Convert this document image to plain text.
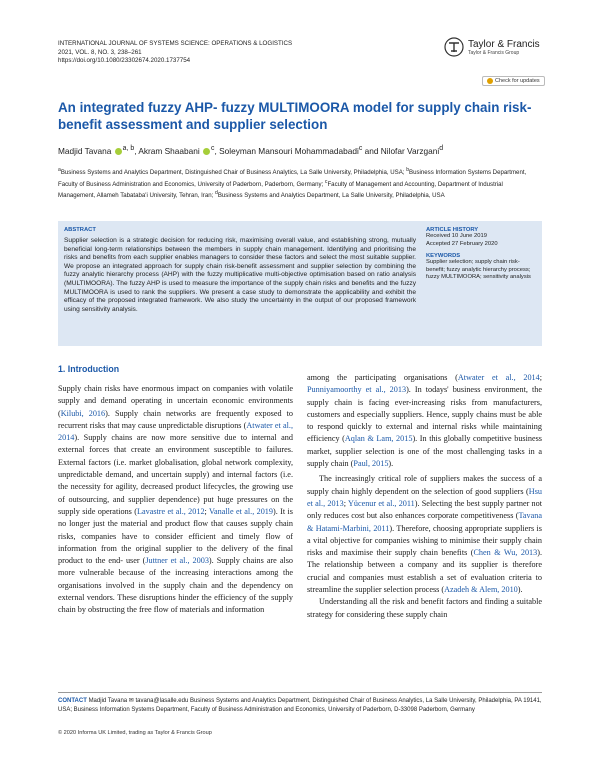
INTERNATIONAL JOURNAL OF SYSTEMS SCIENCE: OPERATIONS & LOGISTICS
2021, VOL. 8, NO. 3, 238–261
https://doi.org/10.1080/23302674.2020.1737754
Taylor & Francis
Taylor & Francis Group
Check for updates
An integrated fuzzy AHP- fuzzy MULTIMOORA model for supply chain risk-benefit assessment and supplier selection
Madjid Tavana $^{a, b}$, Akram Shaabani $^c$, Soleyman Mansouri Mohammadabadi$^c$ and Nilofar Varzgani$^d$
$^a$Business Systems and Analytics Department, Distinguished Chair of Business Analytics, La Salle University, Philadelphia, USA; $^b$Business Information Systems Department, Faculty of Business Administration and Economics, University of Paderborn, Paderborn, Germany; $^c$Faculty of Management and Accounting, Department of Industrial Management, Allameh Tabataba'i University, Tehran, Iran; $^d$Business Systems and Analytics Department, La Salle University, Philadelphia, USA
ABSTRACT
Supplier selection is a strategic decision for reducing risk, maximising overall value, and establishing strong, mutually beneficial long-term relationships between the members in supply chain management. Identifying and prioritising the risks and benefits from each supplier enables managers to consider these factors and select the most suitable supplier. We propose an integrated approach for supply chain risk-benefit assessment and supplier selection by combining the fuzzy analytic hierarchy process (AHP) with the fuzzy multiplicative multi-objective optimisation based on ratio analysis (MULTIMOORA). The fuzzy AHP is used to measure the importance of the supply chain risks and benefits and the fuzzy MULTIMOORA is used to rank the suppliers. We present a case study to demonstrate the applicability and exhibit the efficacy of the proposed integrated framework. We also study the uncertainty in the output of our proposed framework using sensitivity analysis.
ARTICLE HISTORY
Received 10 June 2019
Accepted 27 February 2020
KEYWORDS
Supplier selection; supply chain risk-benefit; fuzzy analytic hierarchy process; fuzzy MULTIMOORA; sensitivity analysis
1. Introduction

Supply chain risks have enormous impact on companies with volatile supply and demand operating in uncertain economic environments (Kilubi, 2016). Supply chain networks are frequently exposed to recurrent risks that may cause unpredictable disruptions (Atwater et al., 2014). Supply chains are now more sensitive due to internal and external forces that create an environment susceptible to failures. External factors (i.e. market globalisation, global network complexity, unpredictable demand, and uncertain supply) and internal factors (i.e. the necessity for agility, decreased product lifecycles, the growing use of outsourcing, and supplier dependence) put huge pressures on the supply side operations (Lavastre et al., 2012; Vanalle et al., 2019). It is no longer just the material and product flow that causes supply chain risks, companies have to consider efficient and timely flow of information from the original supplier to the delivery of the final product to the end- user (Juttner et al., 2003). Supply chains are also more vulnerable because of the increasing interactions among the organisations involved in the supply chain and the dependency on external vendors. These disruptions hinder the efficiency of the supply chain by obstructing the free flow of materials and information

among the participating organisations (Atwater et al., 2014; Punniyamoorthy et al., 2013). In todays' business environment, the supply chain is facing ever-increasing risks from manufacturers, customers and especially suppliers. Hence, supply chains must be able to respond quickly to external and internal risks while maintaining efficiency (Aqlan & Lam, 2015). In this globally competitive business market, supplier selection is one of the most challenging tasks in a supply chain (Paul, 2015).

The increasingly critical role of suppliers makes the success of a supply chain highly dependent on the selection of good suppliers (Hsu et al., 2013; Yücenur et al., 2011). Selecting the best supply partner not only reduces cost but also enhances corporate competitiveness (Tavana & Hatami-Marbini, 2011). Therefore, choosing appropriate suppliers is a vital objective for companies wishing to minimise their supply chain risks and maximise their supply chain benefits (Chen & Wu, 2013). The relationship between a company and its supplier is therefore crucial and companies must establish a set of evaluation criteria to streamline the supplier selection process (Azadeh & Alem, 2010).

Understanding all the risk and benefit factors and finding a suitable strategy for considering these supply chain

CONTACT Madjid Tavana ✉ tavana@lasalle.edu Business Systems and Analytics Department, Distinguished Chair of Business Analytics, La Salle University, Philadelphia, PA 19141, USA; Business Information Systems Department, Faculty of Business Administration and Economics, University of Paderborn, D-33098 Paderborn, Germany
© 2020 Informa UK Limited, trading as Taylor & Francis Group
